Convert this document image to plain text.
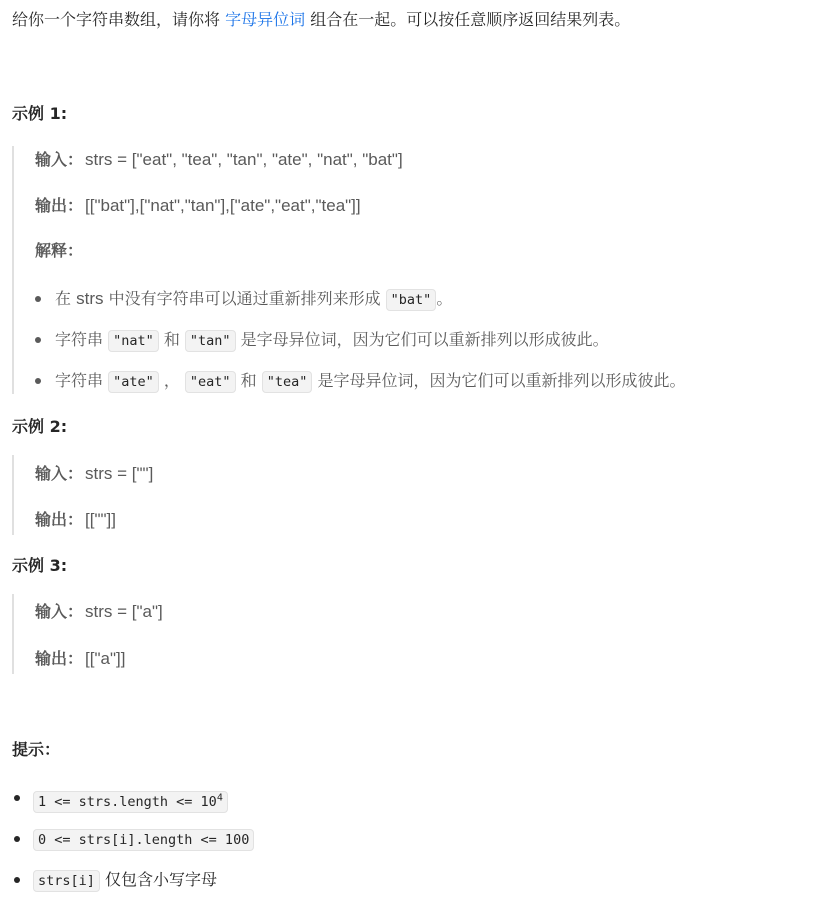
给你一个字符串数组，请你将 字母异位词 组合在一起。可以按任意顺序返回结果列表。
示例 1:
输入： strs = ["eat", "tea", "tan", "ate", "nat", "bat"]
输出： [["bat"],["nat","tan"],["ate","eat","tea"]]
解释：
在 strs 中没有字符串可以通过重新排列来形成 "bat" 。
字符串 "nat" 和 "tan" 是字母异位词，因为它们可以重新排列以形成彼此。
字符串 "ate" ， "eat" 和 "tea" 是字母异位词，因为它们可以重新排列以形成彼此。
示例 2:
输入： strs = [""]
输出： [[""]]
示例 3:
输入： strs = ["a"]
输出： [["a"]]
提示：
1 <= strs.length <= $10^4$
0 <= strs[i].length <= 100
strs[i] 仅包含小写字母
